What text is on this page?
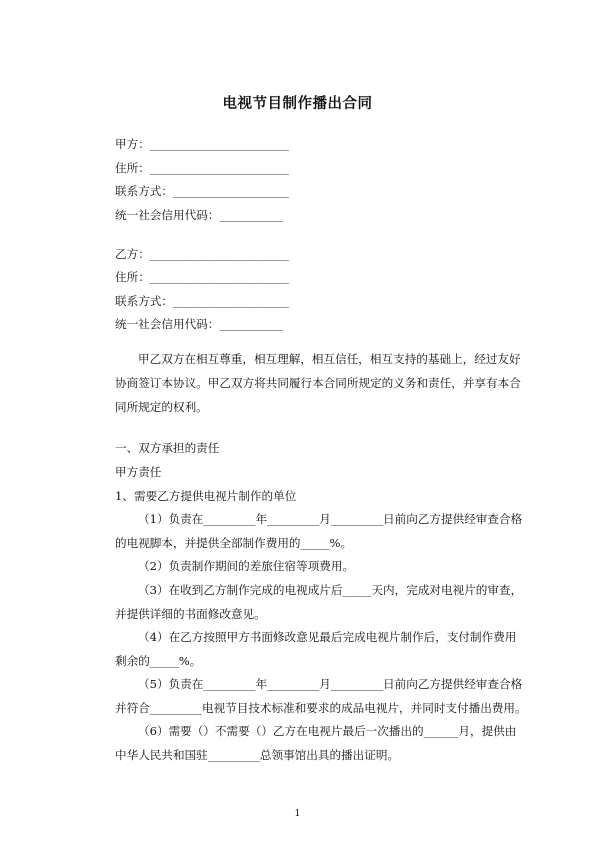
电视节目制作播出合同
甲方：________________________
住所：________________________
联系方式：____________________
统一社会信用代码：___________
乙方：________________________
住所：________________________
联系方式：____________________
统一社会信用代码：___________
甲乙双方在相互尊重，相互理解，相互信任，相互支持的基础上，经过友好
协商签订本协议。甲乙双方将共同履行本合同所规定的义务和责任，并享有本合
同所规定的权利。
一、双方承担的责任
甲方责任
1、需要乙方提供电视片制作的单位
（1）负责在_________年_________月_________日前向乙方提供经审查合格
的电视脚本，并提供全部制作费用的_____%。
（2）负责制作期间的差旅住宿等项费用。
（3）在收到乙方制作完成的电视成片后_____天内，完成对电视片的审查，
并提供详细的书面修改意见。
（4）在乙方按照甲方书面修改意见最后完成电视片制作后，支付制作费用
剩余的_____%。
（5）负责在_________年_________月_________日前向乙方提供经审查合格
并符合_________电视节目技术标准和要求的成品电视片，并同时支付播出费用。
（6）需要（）不需要（）乙方在电视片最后一次播出的______月，提供由
中华人民共和国驻_________总领事馆出具的播出证明。
1
